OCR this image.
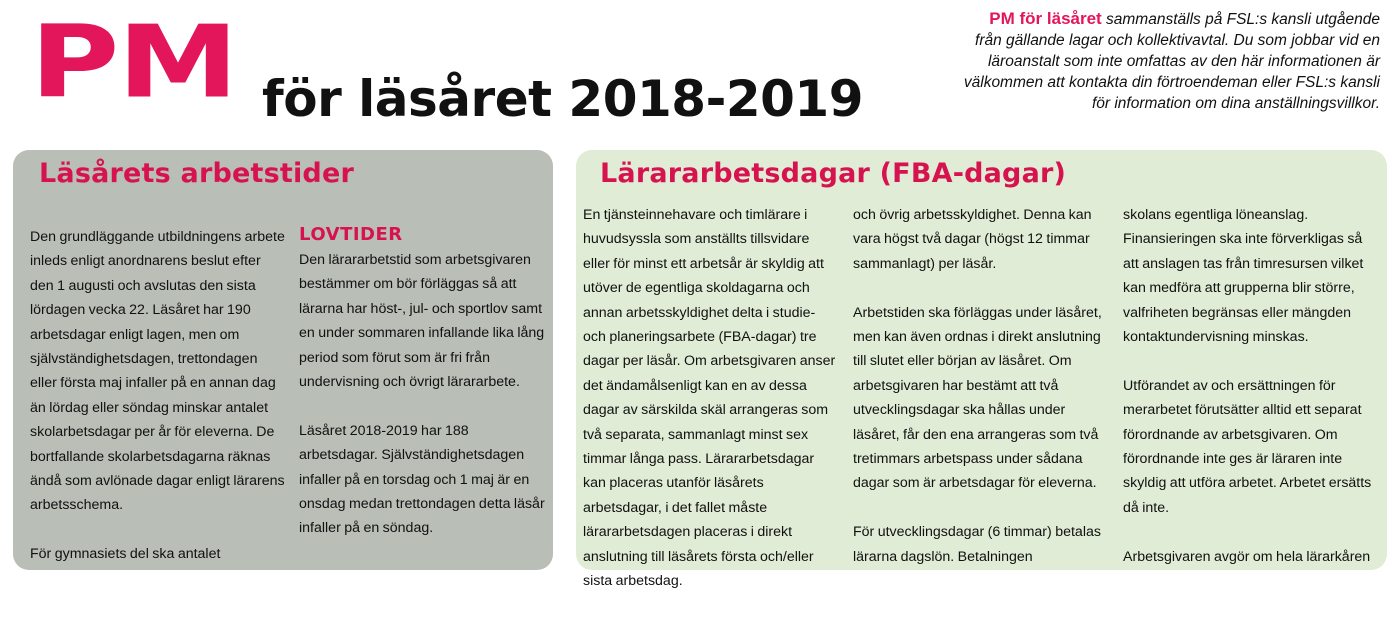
PM för läsåret 2018-2019
PM för läsåret sammanställs på FSL:s kansli utgående från gällande lagar och kollektivavtal. Du som jobbar vid en läroanstalt som inte omfattas av den här informationen är välkommen att kontakta din förtroendeman eller FSL:s kansli för information om dina anställningsvillkor.
Läsårets arbetstider

Den grundläggande utbildningens arbete inleds enligt anordnarens beslut efter den 1 augusti och avslutas den sista lördagen vecka 22. Läsåret har 190 arbetsdagar enligt lagen, men om självständighetsdagen, trettondagen eller första maj infaller på en annan dag än lördag eller söndag minskar antalet skolarbetsdagar per år för eleverna. De bortfallande skolarbetsdagarna räknas ändå som avlönade dagar enligt lärarens arbetsschema.

För gymnasiets del ska antalet

LOVTIDER

Den lärararbetstid som arbetsgivaren bestämmer om bör förläggas så att lärarna har höst-, jul- och sportlov samt en under sommaren infallande lika lång period som förut som är fri från undervisning och övrigt lärararbete.

Läsåret 2018-2019 har 188 arbetsdagar. Självständighetsdagen infaller på en torsdag och 1 maj är en onsdag medan trettondagen detta läsår infaller på en söndag.

Lärararbetsdagar (FBA-dagar)

En tjänsteinnehavare och timlärare i huvudsyssla som anställts tillsvidare eller för minst ett arbetsår är skyldig att utöver de egentliga skoldagarna och annan arbetsskyldighet delta i studie- och planeringsarbete (FBA-dagar) tre dagar per läsår. Om arbetsgivaren anser det ändamålsenligt kan en av dessa dagar av särskilda skäl arrangeras som två separata, sammanlagt minst sex timmar långa pass. Lärararbetsdagar kan placeras utanför läsårets arbetsdagar, i det fallet måste lärararbetsdagen placeras i direkt anslutning till läsårets första och/eller sista arbetsdag.

och övrig arbetsskyldighet. Denna kan vara högst två dagar (högst 12 timmar sammanlagt) per läsår.

Arbetstiden ska förläggas under läsåret, men kan även ordnas i direkt anslutning till slutet eller början av läsåret. Om arbetsgivaren har bestämt att två utvecklingsdagar ska hållas under läsåret, får den ena arrangeras som två tretimmars arbetspass under sådana dagar som är arbetsdagar för eleverna.

För utvecklingsdagar (6 timmar) betalas lärarna dagslön. Betalningen

skolans egentliga löneanslag. Finansieringen ska inte förverkligas så att anslagen tas från timresursen vilket kan medföra att grupperna blir större, valfriheten begränsas eller mängden kontaktundervisning minskas.

Utförandet av och ersättningen för merarbetet förutsätter alltid ett separat förordnande av arbetsgivaren. Om förordnande inte ges är läraren inte skyldig att utföra arbetet. Arbetet ersätts då inte.

Arbetsgivaren avgör om hela lärarkåren
